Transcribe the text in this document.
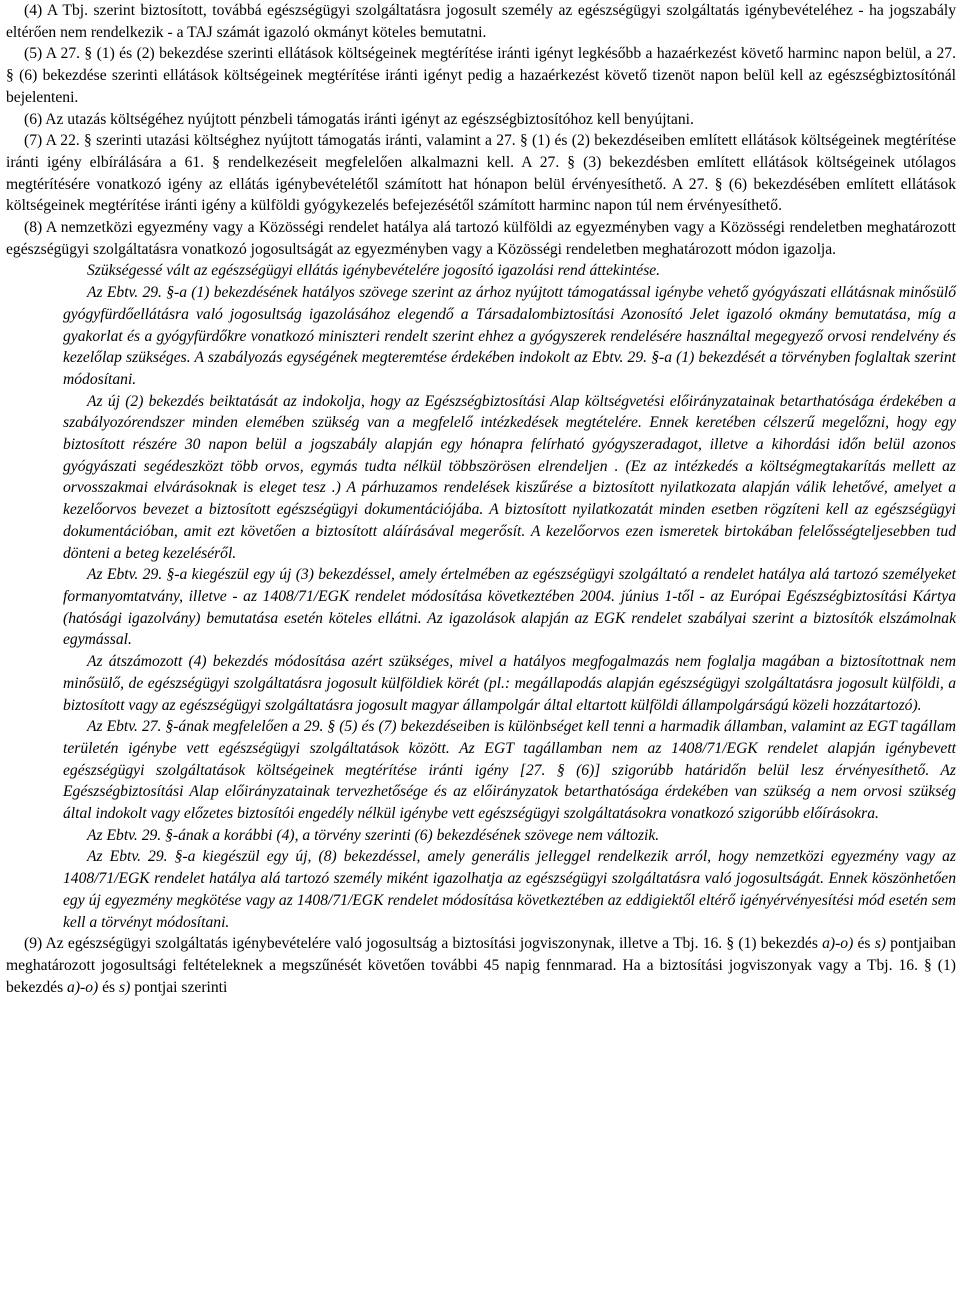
(4) A Tbj. szerint biztosított, továbbá egészségügyi szolgáltatásra jogosult személy az egészségügyi szolgáltatás igénybevételéhez - ha jogszabály eltérően nem rendelkezik - a TAJ számát igazoló okmányt köteles bemutatni.

(5) A 27. § (1) és (2) bekezdése szerinti ellátások költségeinek megtérítése iránti igényt legkésőbb a hazaérkezést követő harminc napon belül, a 27. § (6) bekezdése szerinti ellátások költségeinek megtérítése iránti igényt pedig a hazaérkezést követő tizenöt napon belül kell az egészségbiztosítónál bejelenteni.

(6) Az utazás költségéhez nyújtott pénzbeli támogatás iránti igényt az egészségbiztosítóhoz kell benyújtani.

(7) A 22. § szerinti utazási költséghez nyújtott támogatás iránti, valamint a 27. § (1) és (2) bekezdéseiben említett ellátások költségeinek megtérítése iránti igény elbírálására a 61. § rendelkezéseit megfelelően alkalmazni kell. A 27. § (3) bekezdésben említett ellátások költségeinek utólagos megtérítésére vonatkozó igény az ellátás igénybevételétől számított hat hónapon belül érvényesíthető. A 27. § (6) bekezdésében említett ellátások költségeinek megtérítése iránti igény a külföldi gyógykezelés befejezésétől számított harminc napon túl nem érvényesíthető.

(8) A nemzetközi egyezmény vagy a Közösségi rendelet hatálya alá tartozó külföldi az egyezményben vagy a Közösségi rendeletben meghatározott egészségügyi szolgáltatásra vonatkozó jogosultságát az egyezményben vagy a Közösségi rendeletben meghatározott módon igazolja.

Szükségessé vált az egészségügyi ellátás igénybevételére jogosító igazolási rend áttekintése.

Az Ebtv. 29. §-a (1) bekezdésének hatályos szövege szerint az árhoz nyújtott támogatással igénybe vehető gyógyászati ellátásnak minősülő gyógyfürdőellátásra való jogosultság igazolásához elegendő a Társadalombiztosítási Azonosító Jelet igazoló okmány bemutatása, míg a gyakorlat és a gyógyfürdőkre vonatkozó miniszteri rendelt szerint ehhez a gyógyszerek rendelésére használtal megegyező orvosi rendelvény és kezelőlap szükséges. A szabályozás egységének megteremtése érdekében indokolt az Ebtv. 29. §-a (1) bekezdését a törvényben foglaltak szerint módosítani.

Az új (2) bekezdés beiktatását az indokolja, hogy az Egészségbiztosítási Alap költségvetési előirányzatainak betarthatósága érdekében a szabályozórendszer minden elemében szükség van a megfelelő intézkedések megtételére. Ennek keretében célszerű megelőzni, hogy egy biztosított részére 30 napon belül a jogszabály alapján egy hónapra felírható gyógyszeradagot, illetve a kihordási időn belül azonos gyógyászati segédeszközt több orvos, egymás tudta nélkül többszörösen elrendeljen . (Ez az intézkedés a költségmegtakarítás mellett az orvosszakmai elvárásoknak is eleget tesz .) A párhuzamos rendelések kiszűrése a biztosított nyilatkozata alapján válik lehetővé, amelyet a kezelőorvos bevezet a biztosított egészségügyi dokumentációjába. A biztosított nyilatkozatát minden esetben rögzíteni kell az egészségügyi dokumentációban, amit ezt követően a biztosított aláírásával megerősít. A kezelőorvos ezen ismeretek birtokában felelősségteljesebben tud dönteni a beteg kezeléséről.

Az Ebtv. 29. §-a kiegészül egy új (3) bekezdéssel, amely értelmében az egészségügyi szolgáltató a rendelet hatálya alá tartozó személyeket formanyomtatvány, illetve - az 1408/71/EGK rendelet módosítása következtében 2004. június 1-től - az Európai Egészségbiztosítási Kártya (hatósági igazolvány) bemutatása esetén köteles ellátni. Az igazolások alapján az EGK rendelet szabályai szerint a biztosítók elszámolnak egymással.

Az átszámozott (4) bekezdés módosítása azért szükséges, mivel a hatályos megfogalmazás nem foglalja magában a biztosítottnak nem minősülő, de egészségügyi szolgáltatásra jogosult külföldiek körét (pl.: megállapodás alapján egészségügyi szolgáltatásra jogosult külföldi, a biztosított vagy az egészségügyi szolgáltatásra jogosult magyar állampolgár által eltartott külföldi állampolgárságú közeli hozzátartozó).

Az Ebtv. 27. §-ának megfelelően a 29. § (5) és (7) bekezdéseiben is különbséget kell tenni a harmadik államban, valamint az EGT tagállam területén igénybe vett egészségügyi szolgáltatások között. Az EGT tagállamban nem az 1408/71/EGK rendelet alapján igénybevett egészségügyi szolgáltatások költségeinek megtérítése iránti igény [27. § (6)] szigorúbb határidőn belül lesz érvényesíthető. Az Egészségbiztosítási Alap előirányzatainak tervezhetősége és az előirányzatok betarthatósága érdekében van szükség a nem orvosi szükség által indokolt vagy előzetes biztosítói engedély nélkül igénybe vett egészségügyi szolgáltatásokra vonatkozó szigorúbb előírásokra.

Az Ebtv. 29. §-ának a korábbi (4), a törvény szerinti (6) bekezdésének szövege nem változik.

Az Ebtv. 29. §-a kiegészül egy új, (8) bekezdéssel, amely generális jelleggel rendelkezik arról, hogy nemzetközi egyezmény vagy az 1408/71/EGK rendelet hatálya alá tartozó személy miként igazolhatja az egészségügyi szolgáltatásra való jogosultságát. Ennek köszönhetően egy új egyezmény megkötése vagy az 1408/71/EGK rendelet módosítása következtében az eddigiektől eltérő igényérvényesítési mód esetén sem kell a törvényt módosítani.

(9) Az egészségügyi szolgáltatás igénybevételére való jogosultság a biztosítási jogviszonynak, illetve a Tbj. 16. § (1) bekezdés a)-o) és s) pontjaiban meghatározott jogosultsági feltételeknek a megszűnését követően további 45 napig fennmarad. Ha a biztosítási jogviszonyak vagy a Tbj. 16. § (1) bekezdés a)-o) és s) pontjai szerinti
